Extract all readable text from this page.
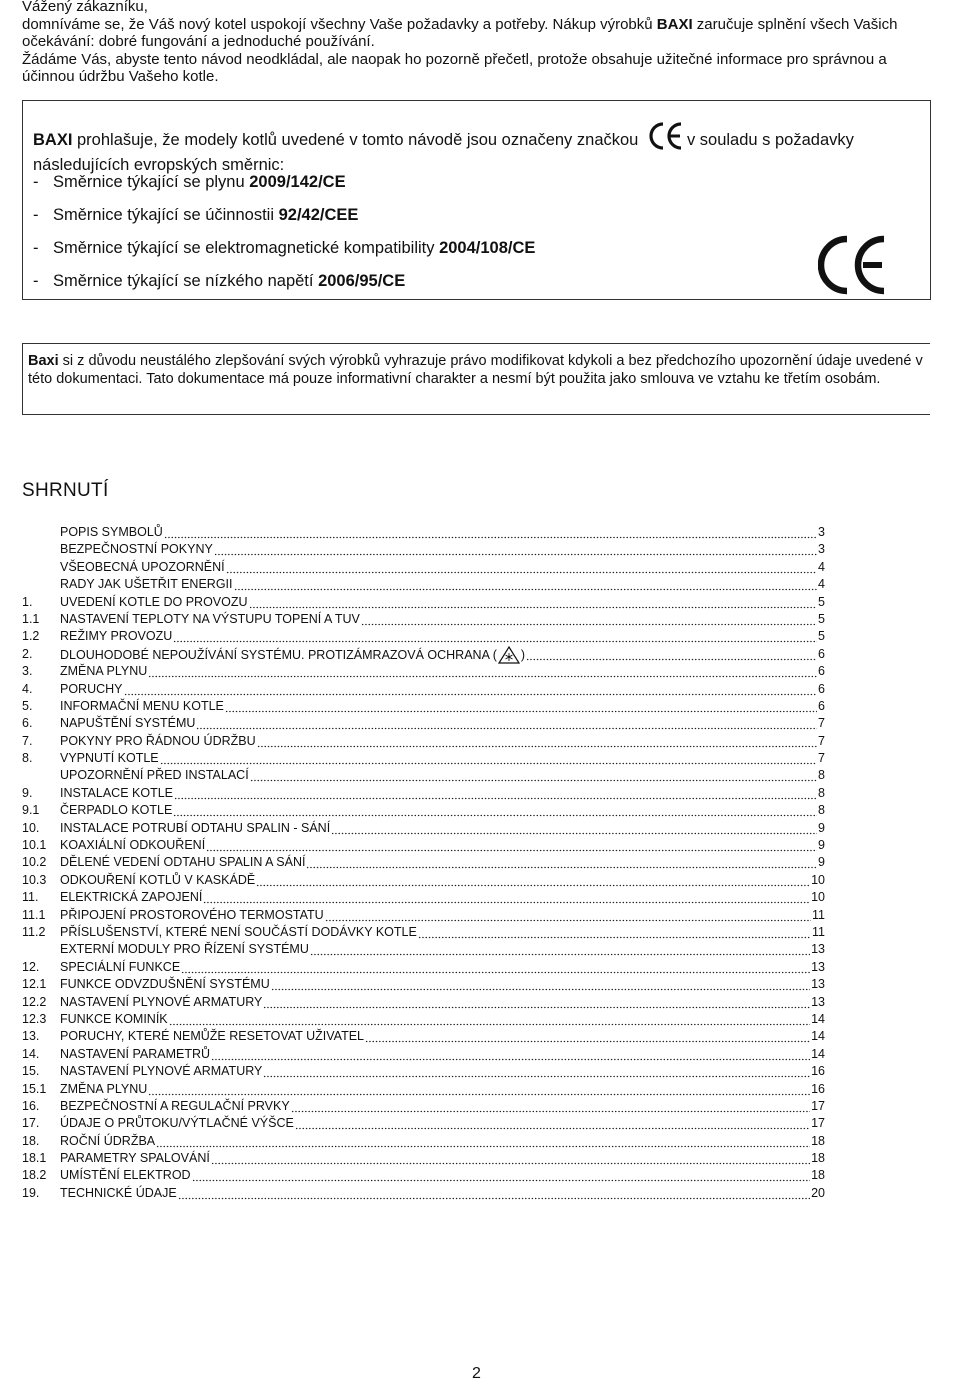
Vážený zákazníku,

domníváme se, že Váš nový kotel uspokojí všechny Vaše požadavky a potřeby. Nákup výrobků BAXI zaručuje splnění všech Vašich očekávání: dobré fungování a jednoduché používání.

Žádáme Vás, abyste tento návod neodkládal, ale naopak ho pozorně přečetl, protože obsahuje užitečné informace pro správnou a účinnou údržbu Vašeho kotle.

BAXI prohlašuje, že modely kotlů uvedené v tomto návodě jsou označeny značkou	v souladu s požadavky následujících evropských směrnic:
- Směrnice týkající se plynu 2009/142/CE
- Směrnice týkající se účinnostii 92/42/CEE
- Směrnice týkající se elektromagnetické kompatibility 2004/108/CE
- Směrnice týkající se nízkého napětí 2006/95/CE
Baxi si z důvodu neustálého zlepšování svých výrobků vyhrazuje právo modifikovat kdykoli a bez předchozího upozornění údaje uvedené v této dokumentaci. Tato dokumentace má pouze informativní charakter a nesmí být použita jako smlouva ve vztahu ke třetím osobám.
SHRNUTÍ
POPIS SYMBOLŮ	3
BEZPEČNOSTNÍ POKYNY	3
VŠEOBECNÁ UPOZORNĚNÍ	4
RADY JAK UŠETŘIT ENERGII	4
1.	UVEDENÍ KOTLE DO PROVOZU	5
1.1	NASTAVENÍ TEPLOTY NA VÝSTUPU TOPENÍ A TUV	5
1.2	REŽIMY PROVOZU	5
2.	DLOUHODOBÉ NEPOUŽÍVÁNÍ SYSTÉMU. PROTIZÁMRAZOVÁ OCHRANA ( )	6
3.	ZMĚNA PLYNU	6
4.	PORUCHY	6
5.	INFORMAČNÍ MENU KOTLE	6
6.	NAPUŠTĚNÍ SYSTÉMU	7
7.	POKYNY PRO ŘÁDNOU ÚDRŽBU	7
8.	VYPNUTÍ KOTLE	7
UPOZORNĚNÍ PŘED INSTALACÍ	8
9.	INSTALACE KOTLE	8
9.1	ČERPADLO KOTLE	8
10.	INSTALACE POTRUBÍ ODTAHU SPALIN - SÁNÍ	9
10.1	KOAXIÁLNÍ ODKOUŘENÍ	9
10.2	DĚLENÉ VEDENÍ ODTAHU SPALIN A SÁNÍ	9
10.3	ODKOUŘENÍ KOTLŮ V KASKÁDĚ	10
11.	ELEKTRICKÁ ZAPOJENÍ	10
11.1	PŘIPOJENÍ PROSTOROVÉHO TERMOSTATU	11
11.2	PŘÍSLUŠENSTVÍ, KTERÉ NENÍ SOUČÁSTÍ DODÁVKY KOTLE	11
EXTERNÍ MODULY PRO ŘÍZENÍ SYSTÉMU	13
12.	SPECIÁLNÍ FUNKCE	13
12.1	FUNKCE ODVZDUŠNĚNÍ SYSTÉMU	13
12.2	NASTAVENÍ PLYNOVÉ ARMATURY	13
12.3	FUNKCE KOMINÍK	14
13.	PORUCHY, KTERÉ NEMŮŽE RESETOVAT UŽIVATEL	14
14.	NASTAVENÍ PARAMETRŮ	14
15.	NASTAVENÍ PLYNOVÉ ARMATURY	16
15.1	ZMĚNA PLYNU	16
16.	BEZPEČNOSTNÍ A REGULAČNÍ PRVKY	17
17.	ÚDAJE O PRŮTOKU/VÝTLAČNÉ VÝŠCE	17
18.	ROČNÍ ÚDRŽBA	18
18.1	PARAMETRY SPALOVÁNÍ	18
18.2	UMÍSTĚNÍ ELEKTROD	18
19.	TECHNICKÉ ÚDAJE	20
2
